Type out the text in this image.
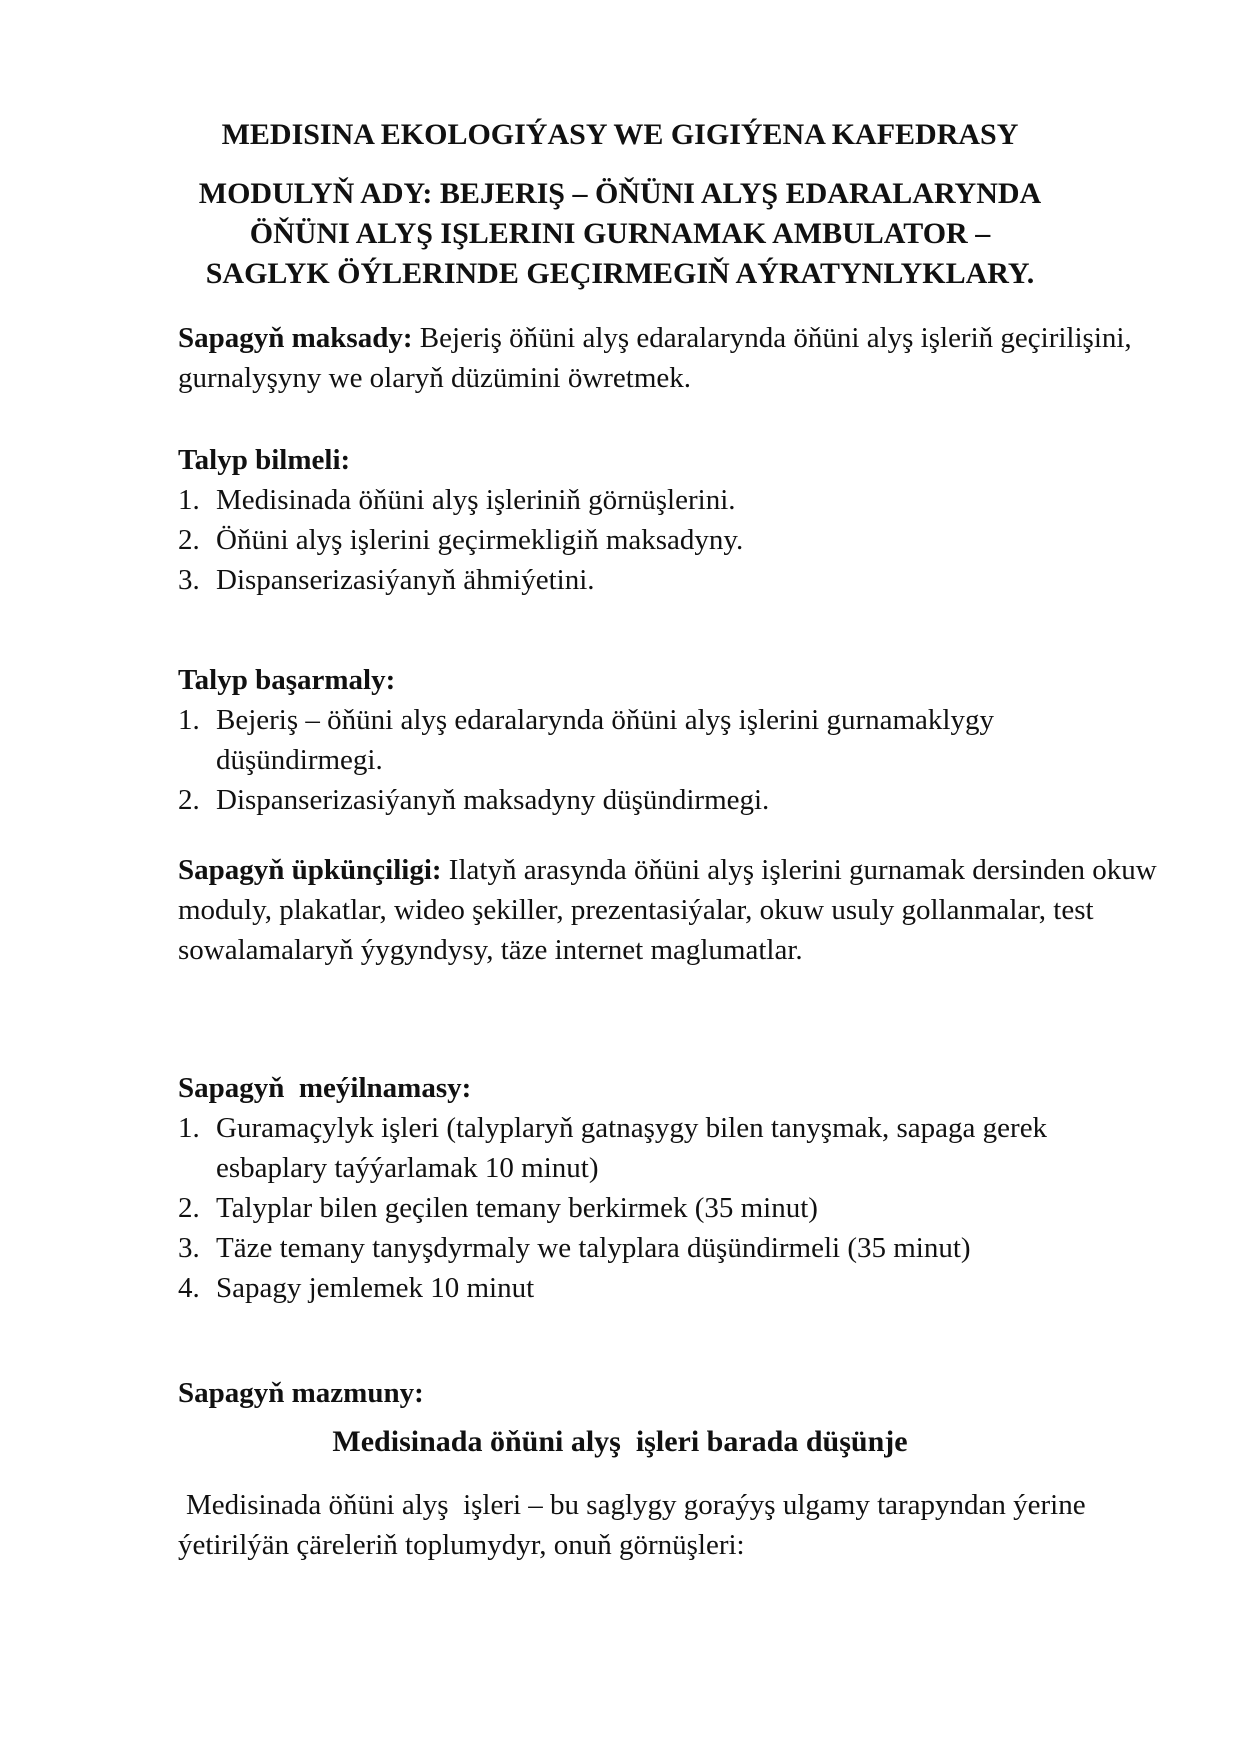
MEDISINA EKOLOGIÝASY WE GIGIÝENA KAFEDRASY
MODULYŇ ADY: BEJERIŞ – ÖŇÜNI ALYŞ EDARALARYNDA
ÖŇÜNI ALYŞ IŞLERINI GURNAMAK AMBULATOR –
SAGLYK ÖÝLERINDE GEÇIRMEGIŇ AÝRATYNLYKLARY.

Sapagyň maksady: Bejeriş öňüni alyş edaralarynda öňüni alyş işleriň geçirilişini, gurnalyşyny we olaryň düzümini öwretmek.

Talyp bilmeli:
1. Medisinada öňüni alyş işleriniň görnüşlerini.
2. Öňüni alyş işlerini geçirmekligiň maksadyny.
3. Dispanserizasiýanyň ähmiýetini.
Talyp başarmaly:
1. Bejeriş – öňüni alyş edaralarynda öňüni alyş işlerini gurnamaklygy düşündirmegi.
2. Dispanserizasiýanyň maksadyny düşündirmegi.

Sapagyň üpkünçiligi: Ilatyň arasynda öňüni alyş işlerini gurnamak dersinden okuw moduly, plakatlar, wideo şekiller, prezentasiýalar, okuw usuly gollanmalar, test sowalamalaryň ýygyndysy, täze internet maglumatlar.

Sapagyň  meýilnamasy:
1. Guramaçylyk işleri (talyplaryň gatnaşygy bilen tanyşmak, sapaga gerek esbaplary taýýarlamak 10 minut)
2. Talyplar bilen geçilen temany berkirmek (35 minut)
3. Täze temany tanyşdyrmaly we talyplara düşündirmeli (35 minut)
4. Sapagy jemlemek 10 minut
Sapagyň mazmuny:
Medisinada öňüni alyş  işleri barada düşünje

Medisinada öňüni alyş  işleri – bu saglygy goraýyş ulgamy tarapyndan ýerine ýetirilýän çäreleriň toplumydyr, onuň görnüşleri:
